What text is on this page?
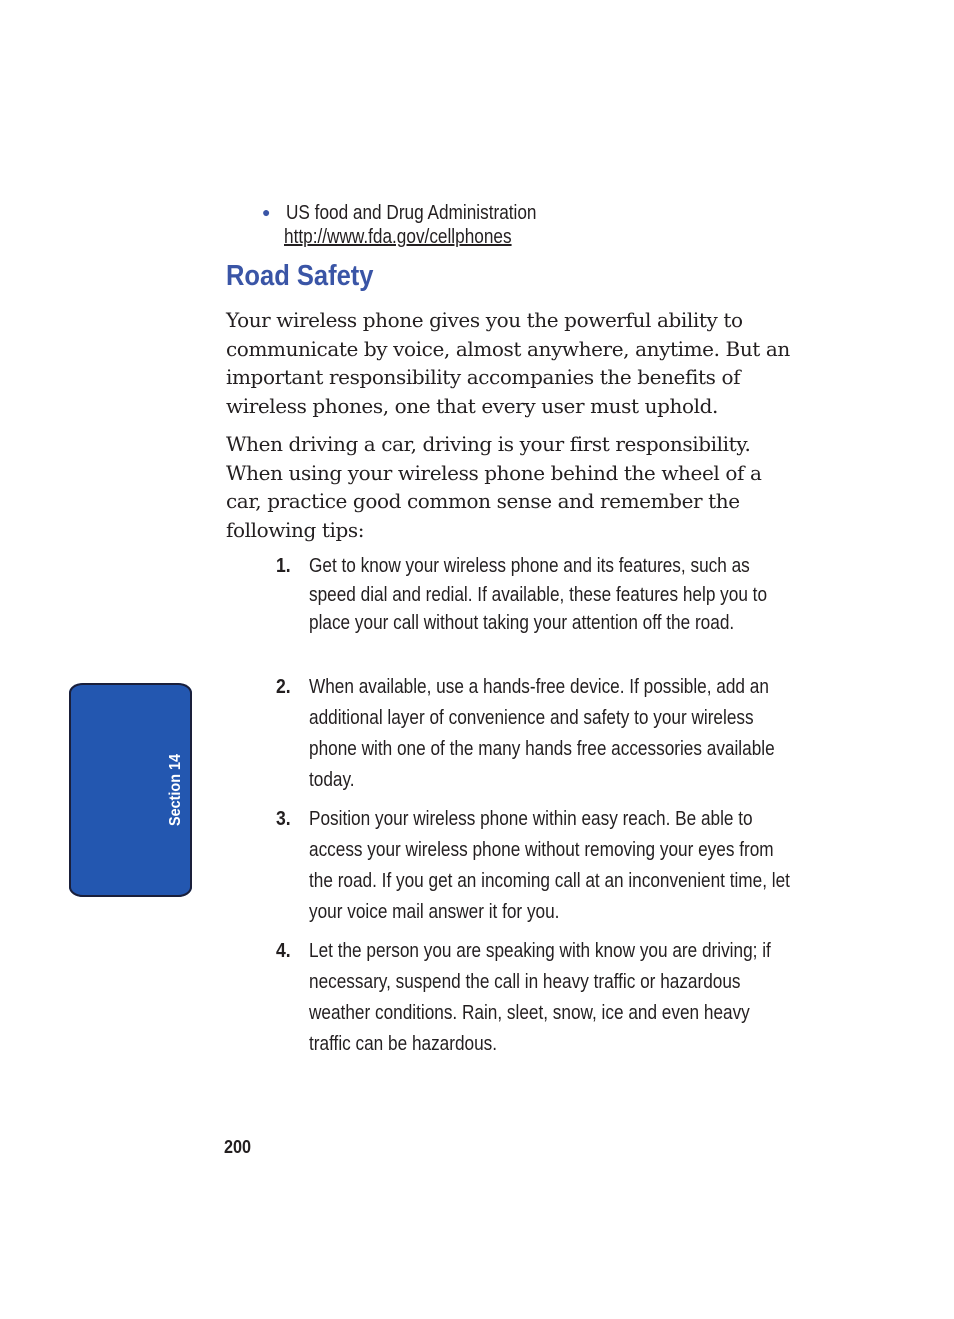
● US food and Drug Administration
http://www.fda.gov/cellphones
Road Safety

Your wireless phone gives you the powerful ability to communicate by voice, almost anywhere, anytime. But an important responsibility accompanies the benefits of wireless phones, one that every user must uphold.

When driving a car, driving is your first responsibility. When using your wireless phone behind the wheel of a car, practice good common sense and remember the following tips:

1. Get to know your wireless phone and its features, such as speed dial and redial. If available, these features help you to place your call without taking your attention off the road.
2. When available, use a hands-free device. If possible, add an additional layer of convenience and safety to your wireless phone with one of the many hands free accessories available today.
3. Position your wireless phone within easy reach. Be able to access your wireless phone without removing your eyes from the road. If you get an incoming call at an inconvenient time, let your voice mail answer it for you.
4. Let the person you are speaking with know you are driving; if necessary, suspend the call in heavy traffic or hazardous weather conditions. Rain, sleet, snow, ice and even heavy traffic can be hazardous.
200
Section 14
